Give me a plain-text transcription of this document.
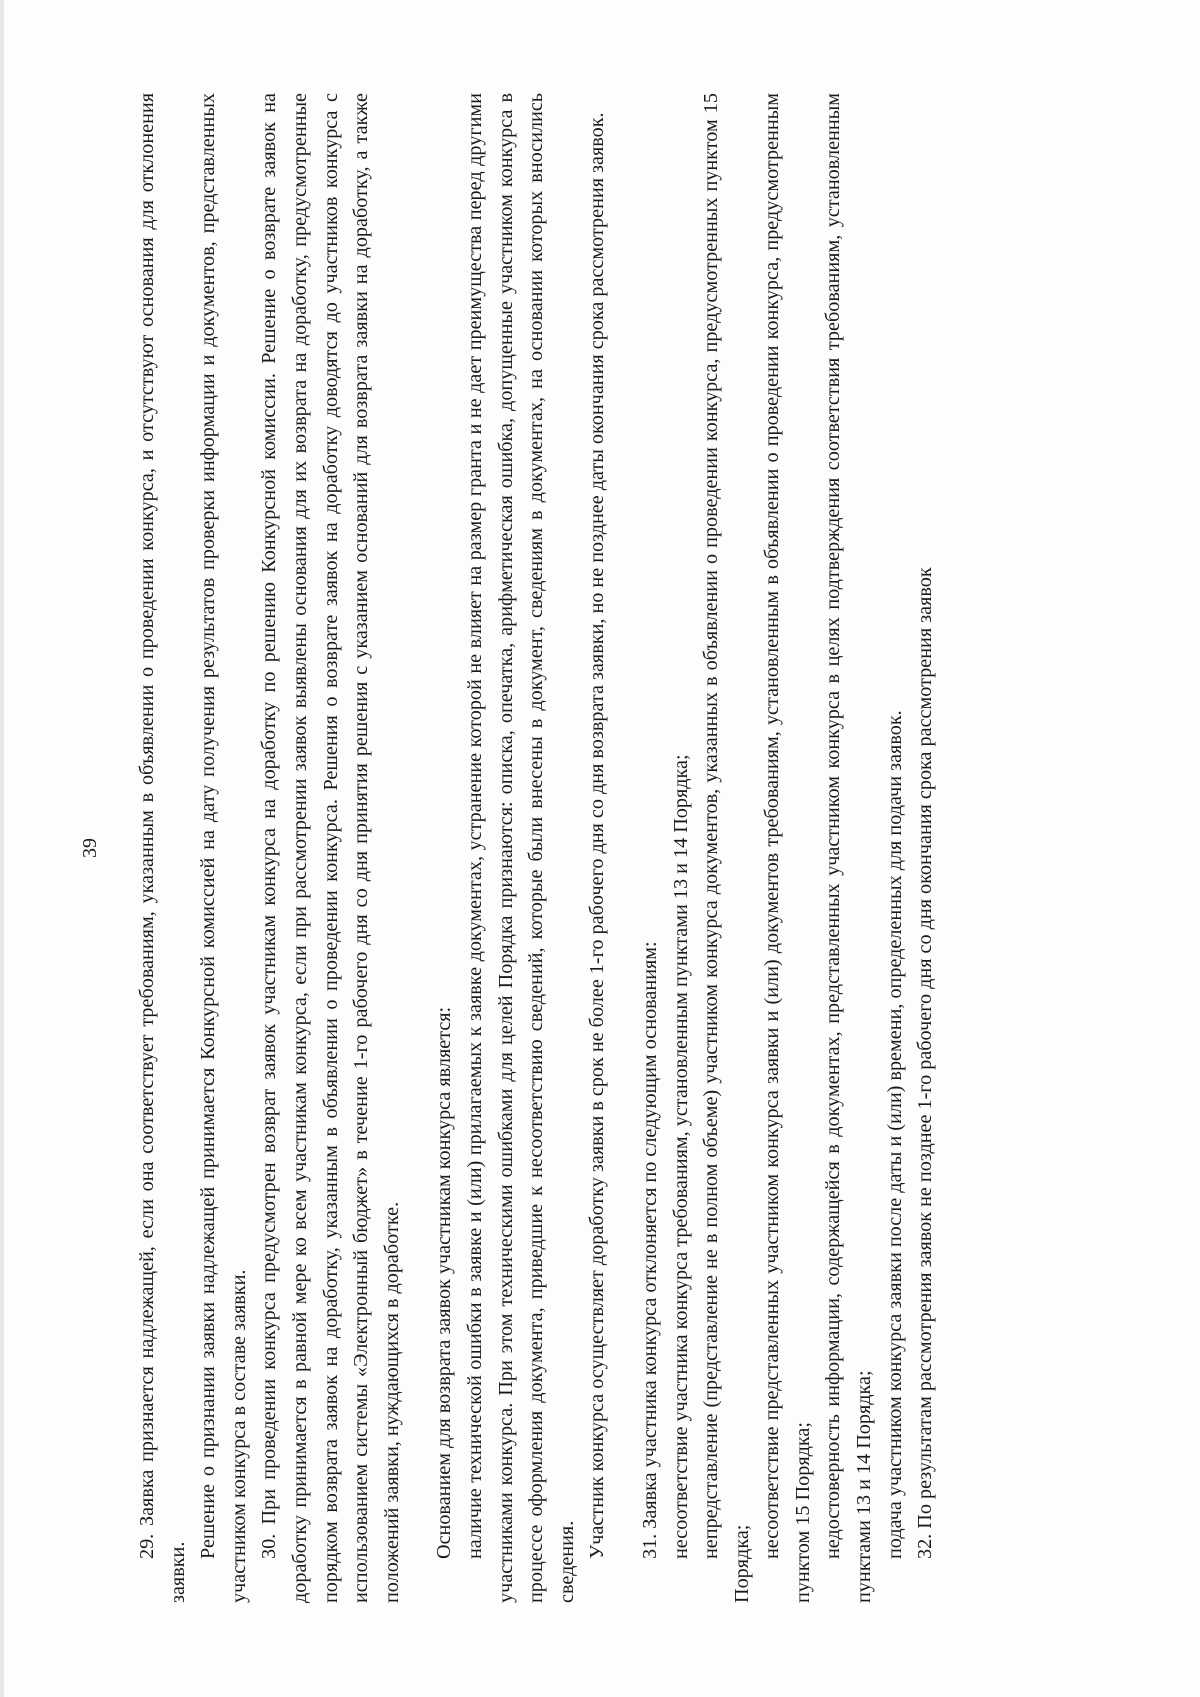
39	29. Заявка признается надлежащей, если она соответствует требованиям, указанным в объявлении о проведении конкурса, и отсутствуют основания для отклонения заявки.

Решение о признании заявки надлежащей принимается Конкурсной комиссией на дату получения результатов проверки информации и документов, представленных участником конкурса в составе заявки. 30. При проведении конкурса предусмотрен возврат заявок участникам конкурса на доработку по решению Конкурсной комиссии. Решение о возврате заявок на доработку принимается в равной мере ко всем участникам конкурса, если при рассмотрении заявок выявлены основания для их возврата на доработку, предусмотренные порядком возврата заявок на доработку, указанным в объявлении о проведении конкурса. Решения о возврате заявок на доработку доводятся до участников конкурса с использованием системы «Электронный бюджет» в течение 1-го рабочего дня со дня принятия решения с указанием оснований для возврата заявки на доработку, а также положений заявки, нуждающихся в доработке. Основанием для возврата заявок участникам конкурса является: наличие технической ошибки в заявке и (или) прилагаемых к заявке документах, устранение которой не влияет на размер гранта и не дает преимущества перед другими участниками конкурса. При этом техническими ошибками для целей Порядка признаются: описка, опечатка, арифметическая ошибка, допущенные участником конкурса в процессе оформления документа, приведшие к несоответствию сведений, которые были внесены в документ, сведениям в документах, на основании которых вносились сведения.

Участник конкурса осуществляет доработку заявки в срок не более 1-го рабочего дня со дня возврата заявки, но не позднее даты окончания срока рассмотрения заявок. 31. Заявка участника конкурса отклоняется по следующим основаниям: несоответствие участника конкурса требованиям, установленным пунктами 13 и 14 Порядка; непредставление (представление не в полном объеме) участником конкурса документов, указанных в объявлении о проведении конкурса, предусмотренных пунктом 15 Порядка;

несоответствие представленных участником конкурса заявки и (или) документов требованиям, установленным в объявлении о проведении конкурса, предусмотренным пунктом 15 Порядка; недостоверность информации, содержащейся в документах, представленных участником конкурса в целях подтверждения соответствия требованиям, установленным пунктами 13 и 14 Порядка; подача участником конкурса заявки после даты и (или) времени, определенных для подачи заявок. 32. По результатам рассмотрения заявок не позднее 1-го рабочего дня со дня окончания срока рассмотрения заявок
